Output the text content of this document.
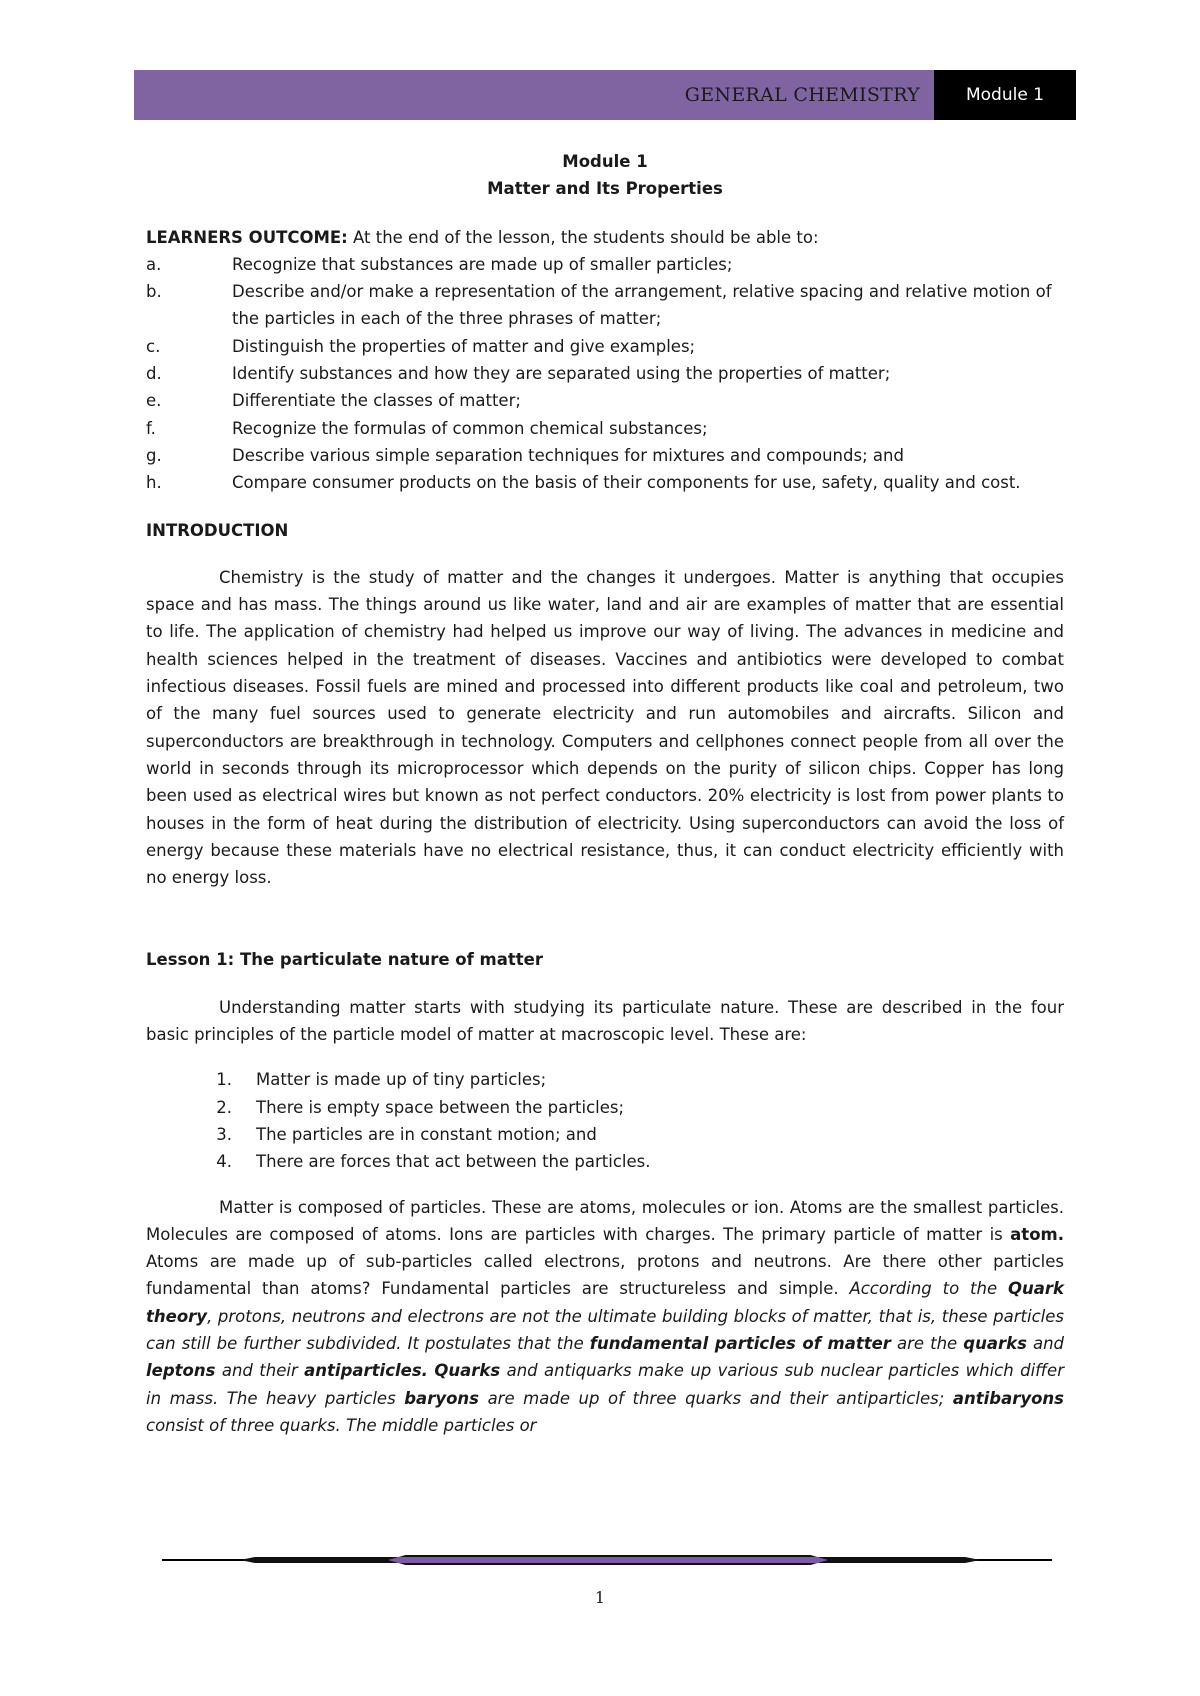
GENERAL CHEMISTRY	Module 1

Module 1

Matter and Its Properties

LEARNERS OUTCOME: At the end of the lesson, the students should be able to:

a.	Recognize that substances are made up of smaller particles;
b.	Describe and/or make a representation of the arrangement, relative spacing and relative motion of the particles in each of the three phrases of matter;
c.	Distinguish the properties of matter and give examples;
d.	Identify substances and how they are separated using the properties of matter;
e.	Differentiate the classes of matter;
f.	Recognize the formulas of common chemical substances;
g.	Describe various simple separation techniques for mixtures and compounds; and
h.	Compare consumer products on the basis of their components for use, safety, quality and cost.

INTRODUCTION

Chemistry is the study of matter and the changes it undergoes. Matter is anything that occupies space and has mass. The things around us like water, land and air are examples of matter that are essential to life. The application of chemistry had helped us improve our way of living. The advances in medicine and health sciences helped in the treatment of diseases. Vaccines and antibiotics were developed to combat infectious diseases. Fossil fuels are mined and processed into different products like coal and petroleum, two of the many fuel sources used to generate electricity and run automobiles and aircrafts. Silicon and superconductors are breakthrough in technology. Computers and cellphones connect people from all over the world in seconds through its microprocessor which depends on the purity of silicon chips. Copper has long been used as electrical wires but known as not perfect conductors. 20% electricity is lost from power plants to houses in the form of heat during the distribution of electricity. Using superconductors can avoid the loss of energy because these materials have no electrical resistance, thus, it can conduct electricity efficiently with no energy loss.

Lesson 1: The particulate nature of matter

Understanding matter starts with studying its particulate nature. These are described in the four basic principles of the particle model of matter at macroscopic level. These are:

1.	Matter is made up of tiny particles;
2.	There is empty space between the particles;
3.	The particles are in constant motion; and
4.	There are forces that act between the particles.

Matter is composed of particles. These are atoms, molecules or ion. Atoms are the smallest particles. Molecules are composed of atoms. Ions are particles with charges. The primary particle of matter is atom. Atoms are made up of sub-particles called electrons, protons and neutrons. Are there other particles fundamental than atoms? Fundamental particles are structureless and simple. According to the Quark theory, protons, neutrons and electrons are not the ultimate building blocks of matter, that is, these particles can still be further subdivided. It postulates that the fundamental particles of matter are the quarks and leptons and their antiparticles. Quarks and antiquarks make up various sub nuclear particles which differ in mass. The heavy particles baryons are made up of three quarks and their antiparticles; antibaryons consist of three quarks. The middle particles or

1
